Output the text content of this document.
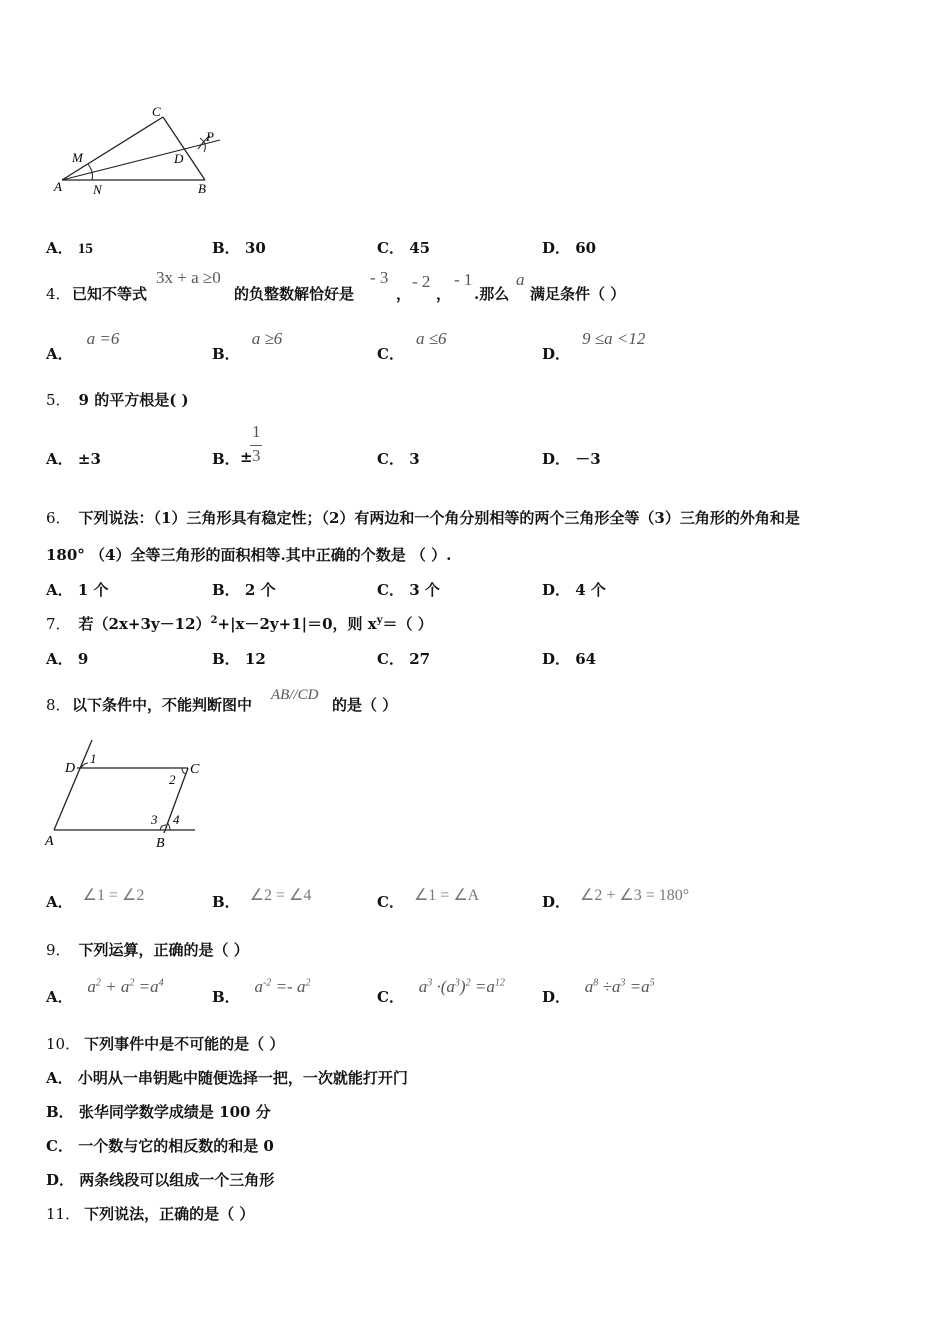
C
M
P
D
A N	B
A． 15	B． 30	C． 45	D． 60
4． 已知不等式
3x + a ≥0
的负整数解恰好是
- 3
，
- 2
，
- 1
.那么
a
满足条件（ ）
A．a =6
B．a ≥6
C．a ≤6
D．9 ≤a <12
5． 9 的平方根是( )
A． ±3	B． ±
1
3	C． 3	D． －3
6． 下列说法：（1）三角形具有稳定性；（2）有两边和一个角分别相等的两个三角形全等（3）三角形的外角和是
180° （4）全等三角形的面积相等.其中正确的个数是 （ ）.
A． 1 个	B． 2 个	C． 3 个	D． 4 个
7． 若$(2x+3y-12)^2+|x-2y+1|=0$，则 $x^y=$（ ）
A． 9	B． 12	C． 27	D． 64
8． 以下条件中，不能判断图中
AB//CD
的是（ ）
D
1
2
C
3 4
A	B
A． ∠1 = ∠2	B． ∠2 = ∠4	C． ∠1 = ∠A	D． ∠2 + ∠3 = 180°
9． 下列运算，正确的是（ ）
A． $a^2 + a^2 =a^4$
B． $a^{-2} =- a^2$
C． $a^3 \cdot(a^3)^2 =a^{12}$
D． $a^8 \div a^3 =a^5$
10． 下列事件中是不可能的是（ ）
A． 小明从一串钥匙中随便选择一把，一次就能打开门
B． 张华同学数学成绩是 100 分
C． 一个数与它的相反数的和是 0
D． 两条线段可以组成一个三角形
11． 下列说法，正确的是（ ）
